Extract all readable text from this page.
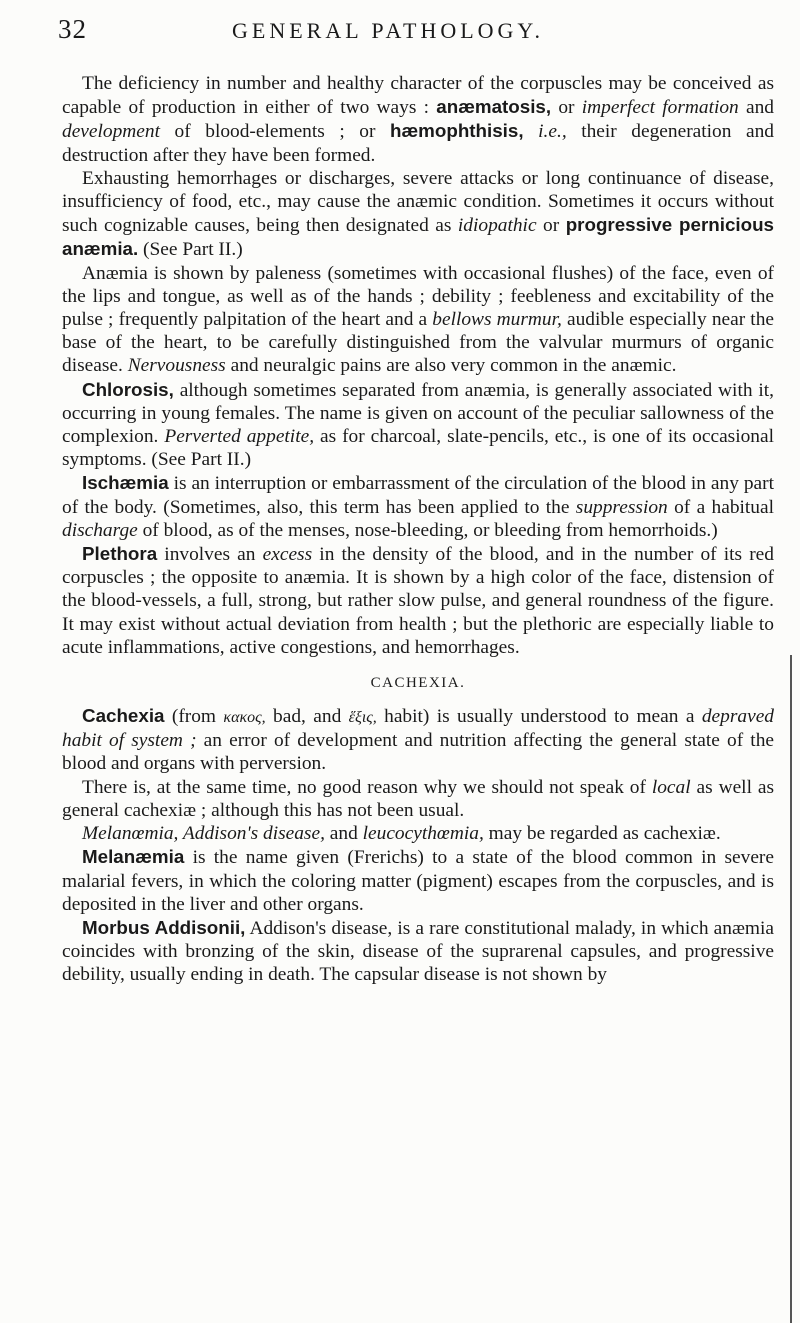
32	GENERAL PATHOLOGY.

The deficiency in number and healthy character of the corpuscles may be conceived as capable of production in either of two ways : anæmatosis, or imperfect formation and development of blood-elements ; or hæmophthisis, i.e., their degeneration and destruction after they have been formed.

Exhausting hemorrhages or discharges, severe attacks or long continuance of disease, insufficiency of food, etc., may cause the anæmic condition. Sometimes it occurs without such cognizable causes, being then designated as idiopathic or progressive pernicious anæmia. (See Part II.)

Anæmia is shown by paleness (sometimes with occasional flushes) of the face, even of the lips and tongue, as well as of the hands ; debility ; feebleness and excitability of the pulse ; frequently palpitation of the heart and a bellows murmur, audible especially near the base of the heart, to be carefully distinguished from the valvular murmurs of organic disease. Nervousness and neuralgic pains are also very common in the anæmic.

Chlorosis, although sometimes separated from anæmia, is generally associated with it, occurring in young females. The name is given on account of the peculiar sallowness of the complexion. Perverted appetite, as for charcoal, slate-pencils, etc., is one of its occasional symptoms. (See Part II.)

Ischæmia is an interruption or embarrassment of the circulation of the blood in any part of the body. (Sometimes, also, this term has been applied to the suppression of a habitual discharge of blood, as of the menses, nose-bleeding, or bleeding from hemorrhoids.)

Plethora involves an excess in the density of the blood, and in the number of its red corpuscles ; the opposite to anæmia. It is shown by a high color of the face, distension of the blood-vessels, a full, strong, but rather slow pulse, and general roundness of the figure. It may exist without actual deviation from health ; but the plethoric are especially liable to acute inflammations, active congestions, and hemorrhages.

CACHEXIA.

Cachexia (from κακος, bad, and ἕξις, habit) is usually understood to mean a depraved habit of system ; an error of development and nutrition affecting the general state of the blood and organs with perversion.

There is, at the same time, no good reason why we should not speak of local as well as general cachexiæ ; although this has not been usual.

Melanœmia, Addison's disease, and leucocythœmia, may be regarded as cachexiæ.

Melanæmia is the name given (Frerichs) to a state of the blood common in severe malarial fevers, in which the coloring matter (pigment) escapes from the corpuscles, and is deposited in the liver and other organs.

Morbus Addisonii, Addison's disease, is a rare constitutional malady, in which anæmia coincides with bronzing of the skin, disease of the suprarenal capsules, and progressive debility, usually ending in death. The capsular disease is not shown by
